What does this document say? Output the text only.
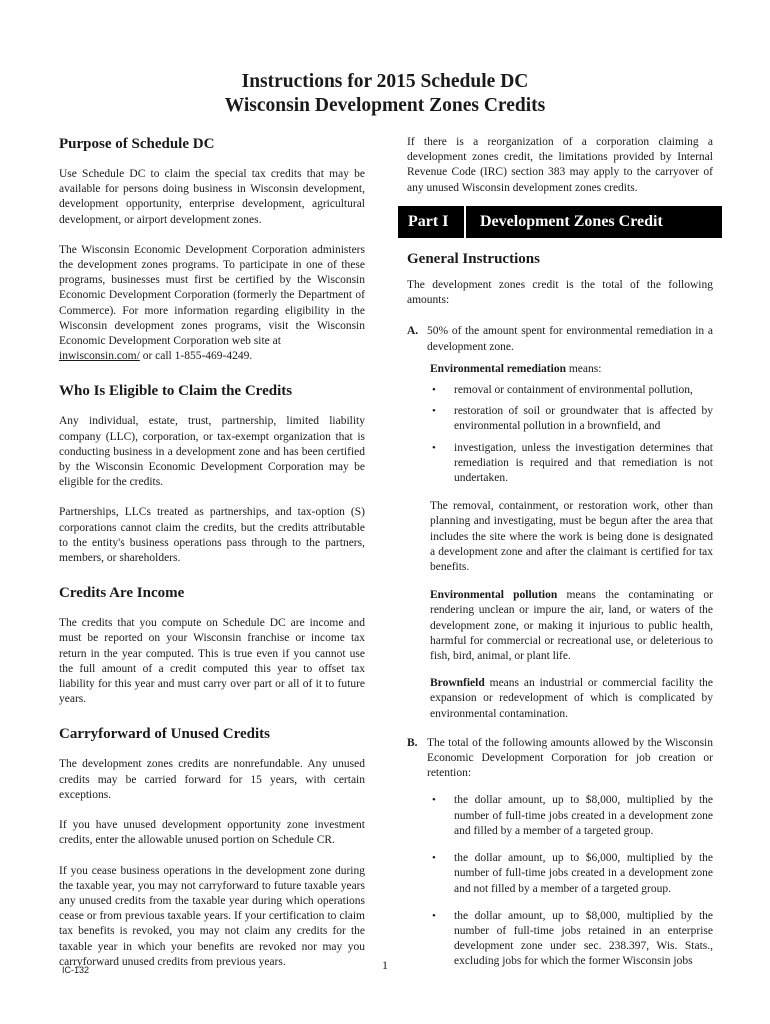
Instructions for 2015 Schedule DC
Wisconsin Development Zones Credits
Purpose of Schedule DC

Use Schedule DC to claim the special tax credits that may be available for persons doing business in Wisconsin development, development opportunity, enterprise development, agricultural development, or airport development zones.

The Wisconsin Economic Development Corporation administers the development zones programs. To participate in one of these programs, businesses must first be certified by the Wisconsin Economic Development Corporation (formerly the Department of Commerce). For more information regarding eligibility in the Wisconsin development zones programs, visit the Wisconsin Economic Development Corporation web site at
inwisconsin.com/ or call 1-855-469-4249.

Who Is Eligible to Claim the Credits

Any individual, estate, trust, partnership, limited liability company (LLC), corporation, or tax-exempt organization that is conducting business in a development zone and has been certified by the Wisconsin Economic Development Corporation may be eligible for the credits.

Partnerships, LLCs treated as partnerships, and tax-option (S) corporations cannot claim the credits, but the credits attributable to the entity's business operations pass through to the partners, members, or shareholders.

Credits Are Income

The credits that you compute on Schedule DC are income and must be reported on your Wisconsin franchise or income tax return in the year computed. This is true even if you cannot use the full amount of a credit computed this year to offset tax liability for this year and must carry over part or all of it to future years.

Carryforward of Unused Credits

The development zones credits are nonrefundable. Any unused credits may be carried forward for 15 years, with certain exceptions.

If you have unused development opportunity zone investment credits, enter the allowable unused portion on Schedule CR.

If you cease business operations in the development zone during the taxable year, you may not carryforward to future taxable years any unused credits from the taxable year during which operations cease or from previous taxable years. If your certification to claim tax benefits is revoked, you may not claim any credits for the taxable year in which your benefits are revoked nor may you carryforward unused credits from previous years.

If there is a reorganization of a corporation claiming a development zones credit, the limitations provided by Internal Revenue Code (IRC) section 383 may apply to the carryover of any unused Wisconsin development zones credits.

Part I	Development Zones Credit
General Instructions

The development zones credit is the total of the following amounts:

A. 50% of the amount spent for environmental remediation in a development zone.

Environmental remediation means:

•	removal or containment of environmental pollution,

•	restoration of soil or groundwater that is affected by environmental pollution in a brownfield, and

•	investigation, unless the investigation determines that remediation is required and that remediation is not undertaken.

The removal, containment, or restoration work, other than planning and investigating, must be begun after the area that includes the site where the work is being done is designated a development zone and after the claimant is certified for tax benefits.

Environmental pollution means the contaminating or rendering unclean or impure the air, land, or waters of the development zone, or making it injurious to public health, harmful for commercial or recreational use, or deleterious to fish, bird, animal, or plant life.

Brownfield means an industrial or commercial facility the expansion or redevelopment of which is complicated by environmental contamination.

B. The total of the following amounts allowed by the Wisconsin Economic Development Corporation for job creation or retention:

•	the dollar amount, up to $8,000, multiplied by the number of full-time jobs created in a development zone and filled by a member of a targeted group.

•	the dollar amount, up to $6,000, multiplied by the number of full-time jobs created in a development zone and not filled by a member of a targeted group.

•	the dollar amount, up to $8,000, multiplied by the number of full-time jobs retained in an enterprise development zone under sec. 238.397, Wis. Stats., excluding jobs for which the former Wisconsin jobs

IC-132	1
